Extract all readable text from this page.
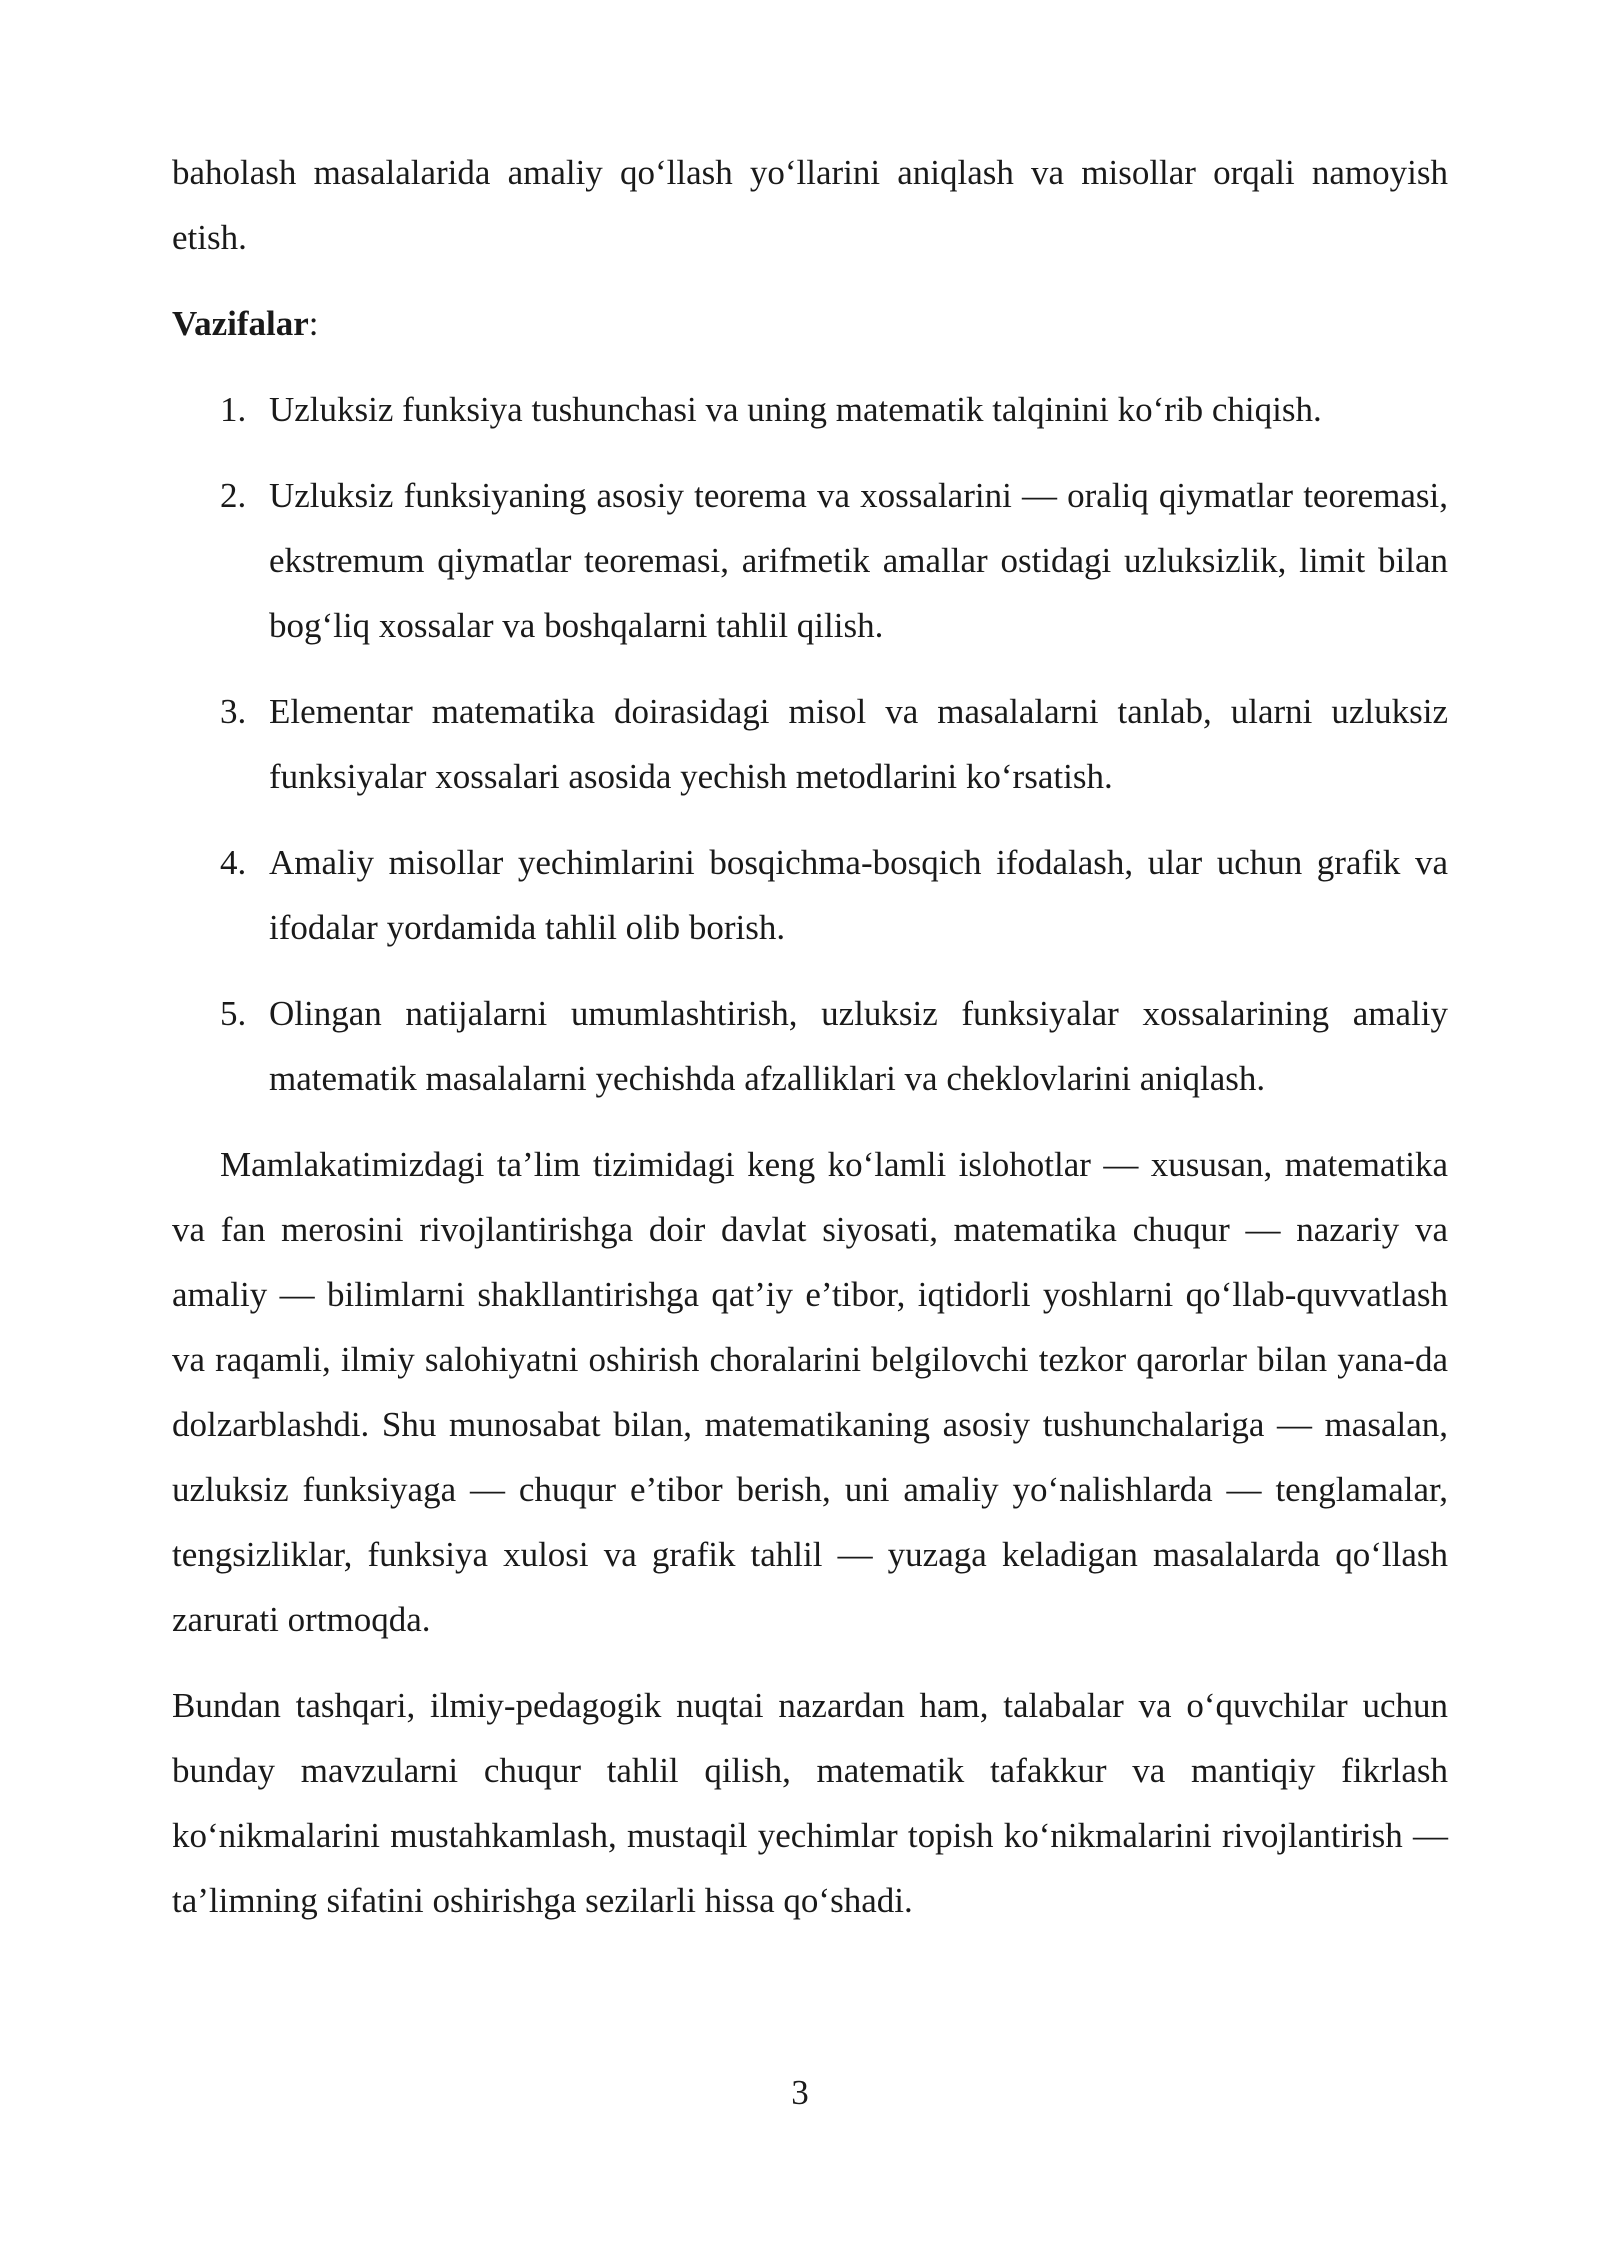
baholash masalalarida amaliy qo‘llash yo‘llarini aniqlash va misollar orqali namoyish etish.

Vazifalar:

1. Uzluksiz funksiya tushunchasi va uning matematik talqinini ko‘rib chiqish.
2. Uzluksiz funksiyaning asosiy teorema va xossalarini — oraliq qiymatlar teoremasi, ekstremum qiymatlar teoremasi, arifmetik amallar ostidagi uzluksizlik, limit bilan bog‘liq xossalar va boshqalarni tahlil qilish.
3. Elementar matematika doirasidagi misol va masalalarni tanlab, ularni uzluksiz funksiyalar xossalari asosida yechish metodlarini ko‘rsatish.
4. Amaliy misollar yechimlarini bosqichma-bosqich ifodalash, ular uchun grafik va ifodalar yordamida tahlil olib borish.
5. Olingan natijalarni umumlashtirish, uzluksiz funksiyalar xossalarining amaliy matematik masalalarni yechishda afzalliklari va cheklovlarini aniqlash.

Mamlakatimizdagi ta’lim tizimidagi keng ko‘lamli islohotlar — xususan, matematika va fan merosini rivojlantirishga doir davlat siyosati, matematika chuqur — nazariy va amaliy — bilimlarni shakllantirishga qat’iy e’tibor, iqtidorli yoshlarni qo‘llab-quvvatlash va raqamli, ilmiy salohiyatni oshirish choralarini belgilovchi tezkor qarorlar bilan yana-da dolzarblashdi. Shu munosabat bilan, matematikaning asosiy tushunchalariga — masalan, uzluksiz funksiyaga — chuqur e’tibor berish, uni amaliy yo‘nalishlarda — tenglamalar, tengsizliklar, funksiya xulosi va grafik tahlil — yuzaga keladigan masalalarda qo‘llash zarurati ortmoqda.

Bundan tashqari, ilmiy-pedagogik nuqtai nazardan ham, talabalar va o‘quvchilar uchun bunday mavzularni chuqur tahlil qilish, matematik tafakkur va mantiqiy fikrlash ko‘nikmalarini mustahkamlash, mustaqil yechimlar topish ko‘nikmalarini rivojlantirish — ta’limning sifatini oshirishga sezilarli hissa qo‘shadi.

3
